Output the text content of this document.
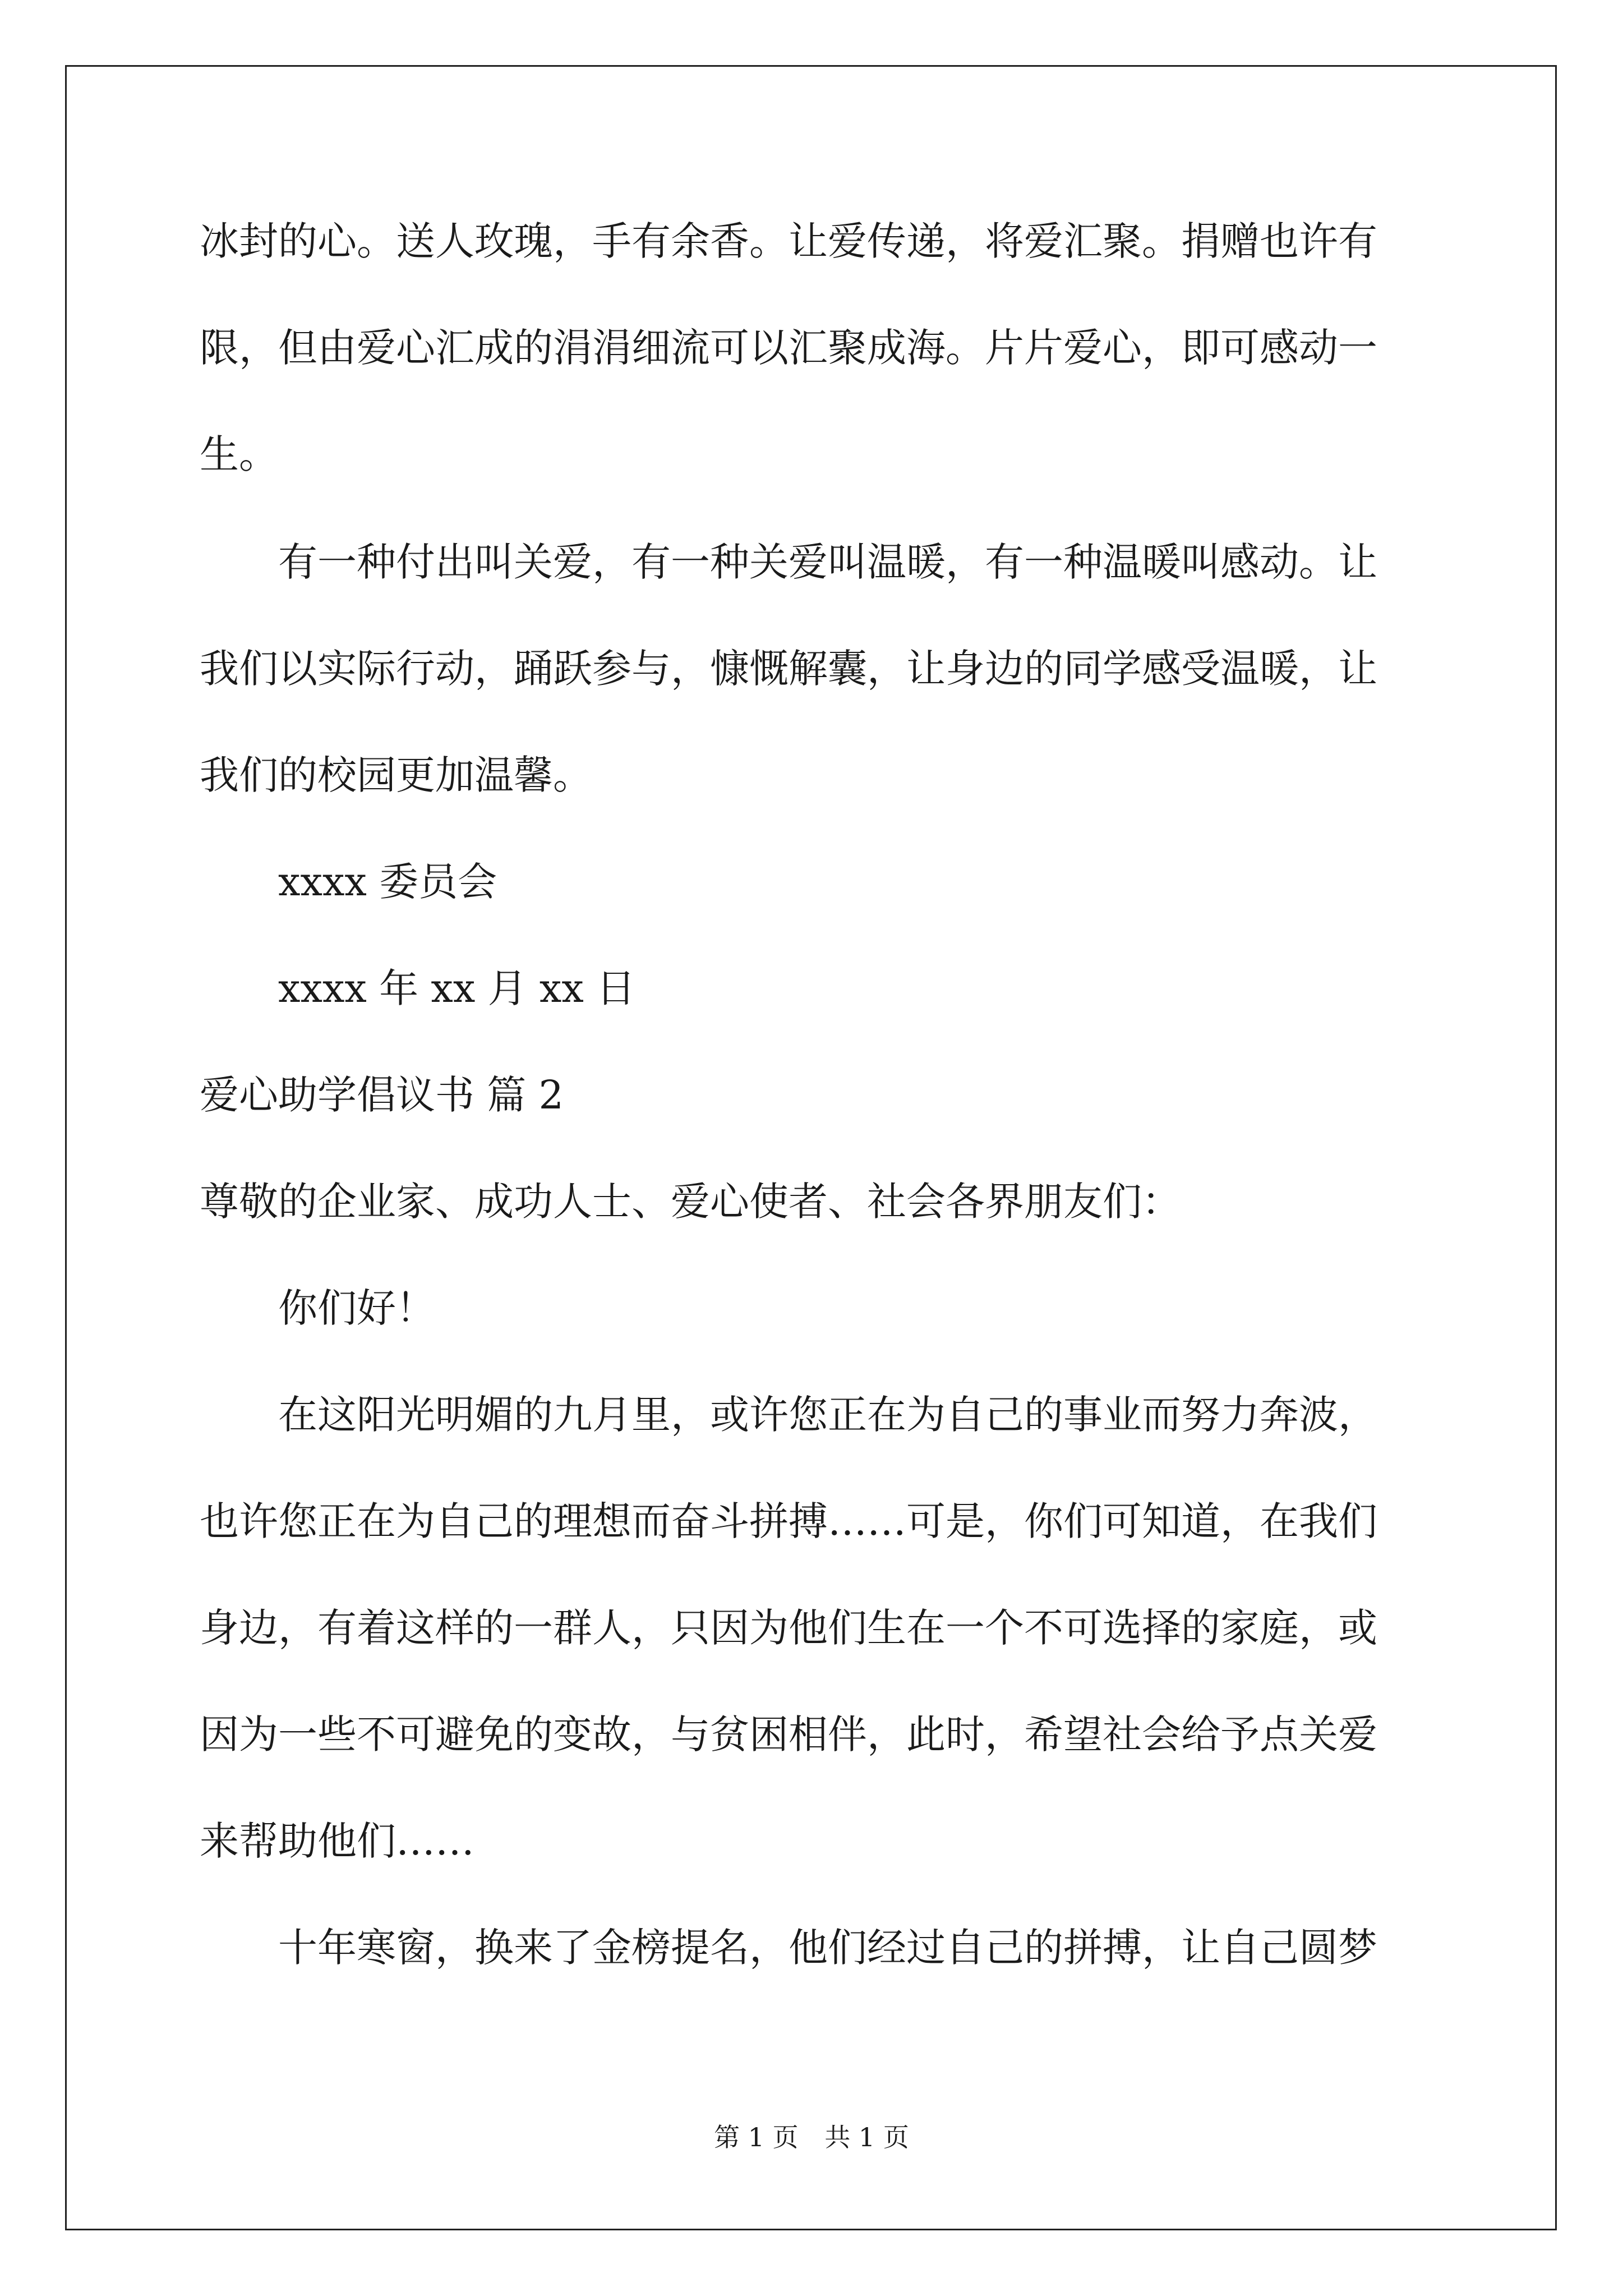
冰封的心。送人玫瑰，手有余香。让爱传递，将爱汇聚。捐赠也许有
限，但由爱心汇成的涓涓细流可以汇聚成海。片片爱心，即可感动一
生。
有一种付出叫关爱，有一种关爱叫温暖，有一种温暖叫感动。让
我们以实际行动，踊跃参与，慷慨解囊，让身边的同学感受温暖，让
我们的校园更加温馨。
xxxx 委员会
xxxx 年 xx 月 xx 日
爱心助学倡议书 篇 2
尊敬的企业家、成功人士、爱心使者、社会各界朋友们：
你们好！
在这阳光明媚的九月里，或许您正在为自己的事业而努力奔波，
也许您正在为自己的理想而奋斗拼搏……可是，你们可知道，在我们
身边，有着这样的一群人，只因为他们生在一个不可选择的家庭，或
因为一些不可避免的变故，与贫困相伴，此时，希望社会给予点关爱
来帮助他们……
十年寒窗，换来了金榜提名，他们经过自己的拼搏，让自己圆梦
第 1 页 共 1 页
